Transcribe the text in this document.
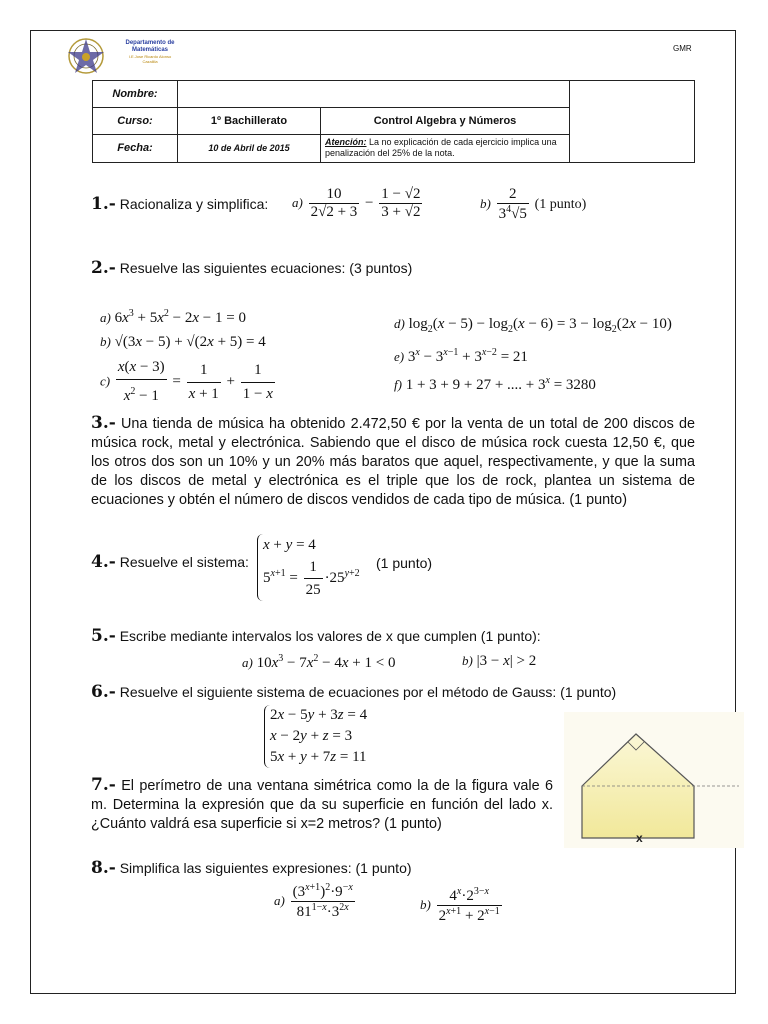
Departamento de
Matemáticas
I.E.Jose Ricardo Alonso
Cazalilla
GMR
Nombre:			
Curso:	1º Bachillerato	Control Algebra y Números	
Fecha:	10 de Abril de 2015	Atención: La no explicación de cada ejercicio implica una penalización del 25% de la nota.	
1.- Racionaliza y simplifica: $a) \frac{10}{2√2 + 3} - \frac{1 - √2}{3 + √2}$	$b) \frac{2}{3^4√5} (1$ punto)
2.- Resuelve las siguientes ecuaciones: (3 puntos)
a) $6x^3 + 5x^2 - 2x - 1 = 0$
b) √(3x − 5) + √(2x + 5) = 4
$c) \frac{x(x - 3)}{x^2 - 1} = \frac{1}{x + 1} + \frac{1}{1 - x}$
d) $\log_2(x - 5) - \log_2(x - 6) = 3 - \log_2(2x - 10)$
e) $3^x - 3^{x-1} + 3^{x-2} = 21$
f) 1 + 3 + 9 + 27 + .... + $3^x = 3280$
3.- Una tienda de música ha obtenido 2.472,50 € por la venta de un total de 200 discos de música rock, metal y electrónica. Sabiendo que el disco de música rock cuesta 12,50 €, que los otros dos son un 10% y un 20% más baratos que aquel, respectivamente, y que la suma de los discos de metal y electrónica es el triple que los de rock, plantea un sistema de ecuaciones y obtén el número de discos vendidos de cada tipo de música. (1 punto)
4.- Resuelve el sistema:
x + y = 4
$5^{x+1} = \frac{1}{25} \cdot 25^{y+2}$
(1 punto)
5.- Escribe mediante intervalos los valores de x que cumplen (1 punto):
a) $10x^3 - 7x^2 - 4x + 1 < 0$	b) |3 − x| > 2
6.- Resuelve el siguiente sistema de ecuaciones por el método de Gauss: (1 punto)
2x − 5y + 3z = 4
x − 2y + z = 3
5x + y + 7z = 11
7.- El perímetro de una ventana simétrica como la de la figura vale 6 m. Determina la expresión que da su superficie en función del lado x. ¿Cuánto valdrá esa superficie si x=2 metros? (1 punto)
x
8.- Simplifica las siguientes expresiones: (1 punto)
$a) \frac{(3^{x+1})^2\cdot 9^{-x}}{81^{1-x}\cdot 3^{2x}}$	$b) \frac{4^x\cdot 2^{3-x}}{2^{x+1} + 2^{x-1}}$
